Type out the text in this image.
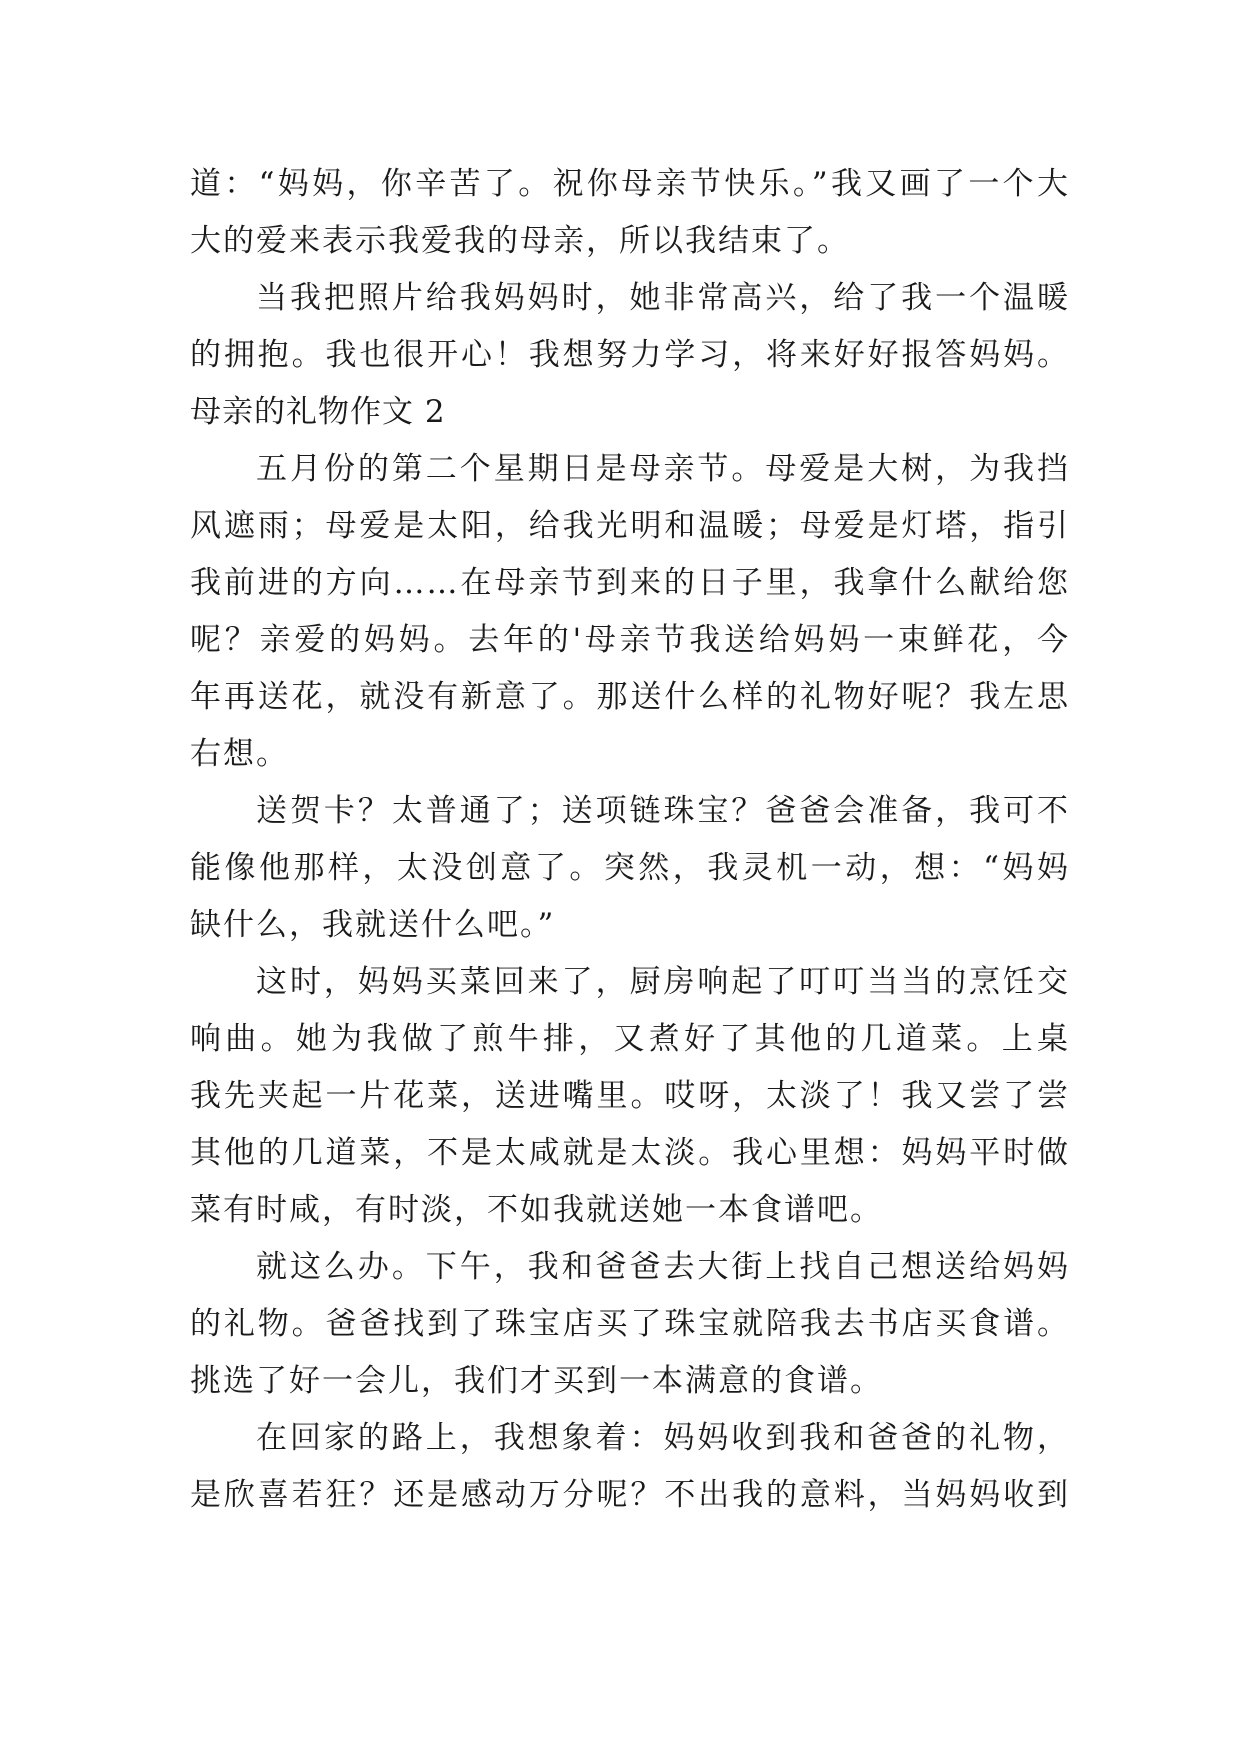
道：“妈妈，你辛苦了。祝你母亲节快乐。”我又画了一个大
大的爱来表示我爱我的母亲，所以我结束了。
当我把照片给我妈妈时，她非常高兴，给了我一个温暖
的拥抱。我也很开心！我想努力学习，将来好好报答妈妈。
母亲的礼物作文 2
五月份的第二个星期日是母亲节。母爱是大树，为我挡
风遮雨；母爱是太阳，给我光明和温暖；母爱是灯塔，指引
我前进的方向……在母亲节到来的日子里，我拿什么献给您
呢？亲爱的妈妈。去年的'母亲节我送给妈妈一束鲜花，今
年再送花，就没有新意了。那送什么样的礼物好呢？我左思
右想。
送贺卡？太普通了；送项链珠宝？爸爸会准备，我可不
能像他那样，太没创意了。突然，我灵机一动，想：“妈妈
缺什么，我就送什么吧。”
这时，妈妈买菜回来了，厨房响起了叮叮当当的烹饪交
响曲。她为我做了煎牛排，又煮好了其他的几道菜。上桌
我先夹起一片花菜，送进嘴里。哎呀，太淡了！我又尝了尝
其他的几道菜，不是太咸就是太淡。我心里想：妈妈平时做
菜有时咸，有时淡，不如我就送她一本食谱吧。
就这么办。下午，我和爸爸去大街上找自己想送给妈妈
的礼物。爸爸找到了珠宝店买了珠宝就陪我去书店买食谱。
挑选了好一会儿，我们才买到一本满意的食谱。
在回家的路上，我想象着：妈妈收到我和爸爸的礼物，
是欣喜若狂？还是感动万分呢？不出我的意料，当妈妈收到
